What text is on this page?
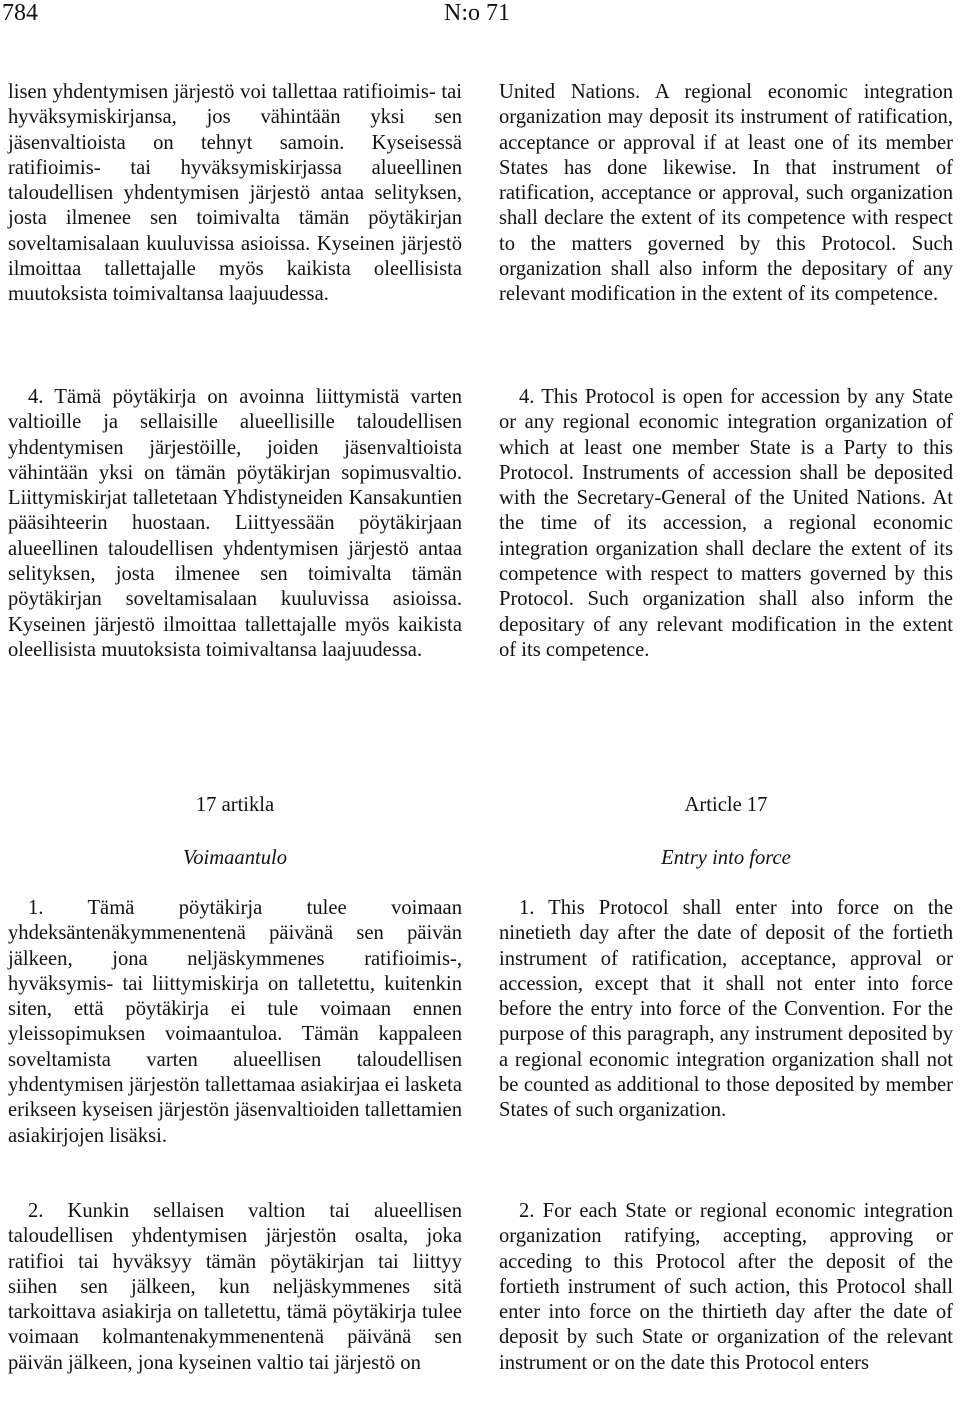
784	N:o 71

lisen yhdentymisen järjestö voi tallettaa ratifioimis- tai hyväksymiskirjansa, jos vähintään yksi sen jäsenvaltioista on tehnyt samoin. Kyseisessä ratifioimis- tai hyväksymiskirjassa alueellinen taloudellisen yhdentymisen järjestö antaa selityksen, josta ilmenee sen toimivalta tämän pöytäkirjan soveltamisalaan kuuluvissa asioissa. Kyseinen järjestö ilmoittaa tallettajalle myös kaikista oleellisista muutoksista toimivaltansa laajuudessa.

4. Tämä pöytäkirja on avoinna liittymistä varten valtioille ja sellaisille alueellisille taloudellisen yhdentymisen järjestöille, joiden jäsenvaltioista vähintään yksi on tämän pöytäkirjan sopimusvaltio. Liittymiskirjat talletetaan Yhdistyneiden Kansakuntien pääsihteerin huostaan. Liittyessään pöytäkirjaan alueellinen taloudellisen yhdentymisen järjestö antaa selityksen, josta ilmenee sen toimivalta tämän pöytäkirjan soveltamisalaan kuuluvissa asioissa. Kyseinen järjestö ilmoittaa tallettajalle myös kaikista oleellisista muutoksista toimivaltansa laajuudessa.

United Nations. A regional economic integration organization may deposit its instrument of ratification, acceptance or approval if at least one of its member States has done likewise. In that instrument of ratification, acceptance or approval, such organization shall declare the extent of its competence with respect to the matters governed by this Protocol. Such organization shall also inform the depositary of any relevant modification in the extent of its competence.

4. This Protocol is open for accession by any State or any regional economic integration organization of which at least one member State is a Party to this Protocol. Instruments of accession shall be deposited with the Secretary-General of the United Nations. At the time of its accession, a regional economic integration organization shall declare the extent of its competence with respect to matters governed by this Protocol. Such organization shall also inform the depositary of any relevant modification in the extent of its competence.

17 artikla	Article 17

Voimaantulo	Entry into force

1. Tämä pöytäkirja tulee voimaan yhdeksäntenäkymmenentenä päivänä sen päivän jälkeen, jona neljäskymmenes ratifioimis-, hyväksymis- tai liittymiskirja on talletettu, kuitenkin siten, että pöytäkirja ei tule voimaan ennen yleissopimuksen voimaantuloa. Tämän kappaleen soveltamista varten alueellisen taloudellisen yhdentymisen järjestön tallettamaa asiakirjaa ei lasketa erikseen kyseisen järjestön jäsenvaltioiden tallettamien asiakirjojen lisäksi.

1. This Protocol shall enter into force on the ninetieth day after the date of deposit of the fortieth instrument of ratification, acceptance, approval or accession, except that it shall not enter into force before the entry into force of the Convention. For the purpose of this paragraph, any instrument deposited by a regional economic integration organization shall not be counted as additional to those deposited by member States of such organization.

2. Kunkin sellaisen valtion tai alueellisen taloudellisen yhdentymisen järjestön osalta, joka ratifioi tai hyväksyy tämän pöytäkirjan tai liittyy siihen sen jälkeen, kun neljäskymmenes sitä tarkoittava asiakirja on talletettu, tämä pöytäkirja tulee voimaan kolmantenakymmenentenä päivänä sen päivän jälkeen, jona kyseinen valtio tai järjestö on

2. For each State or regional economic integration organization ratifying, accepting, approving or acceding to this Protocol after the deposit of the fortieth instrument of such action, this Protocol shall enter into force on the thirtieth day after the date of deposit by such State or organization of the relevant instrument or on the date this Protocol enters
